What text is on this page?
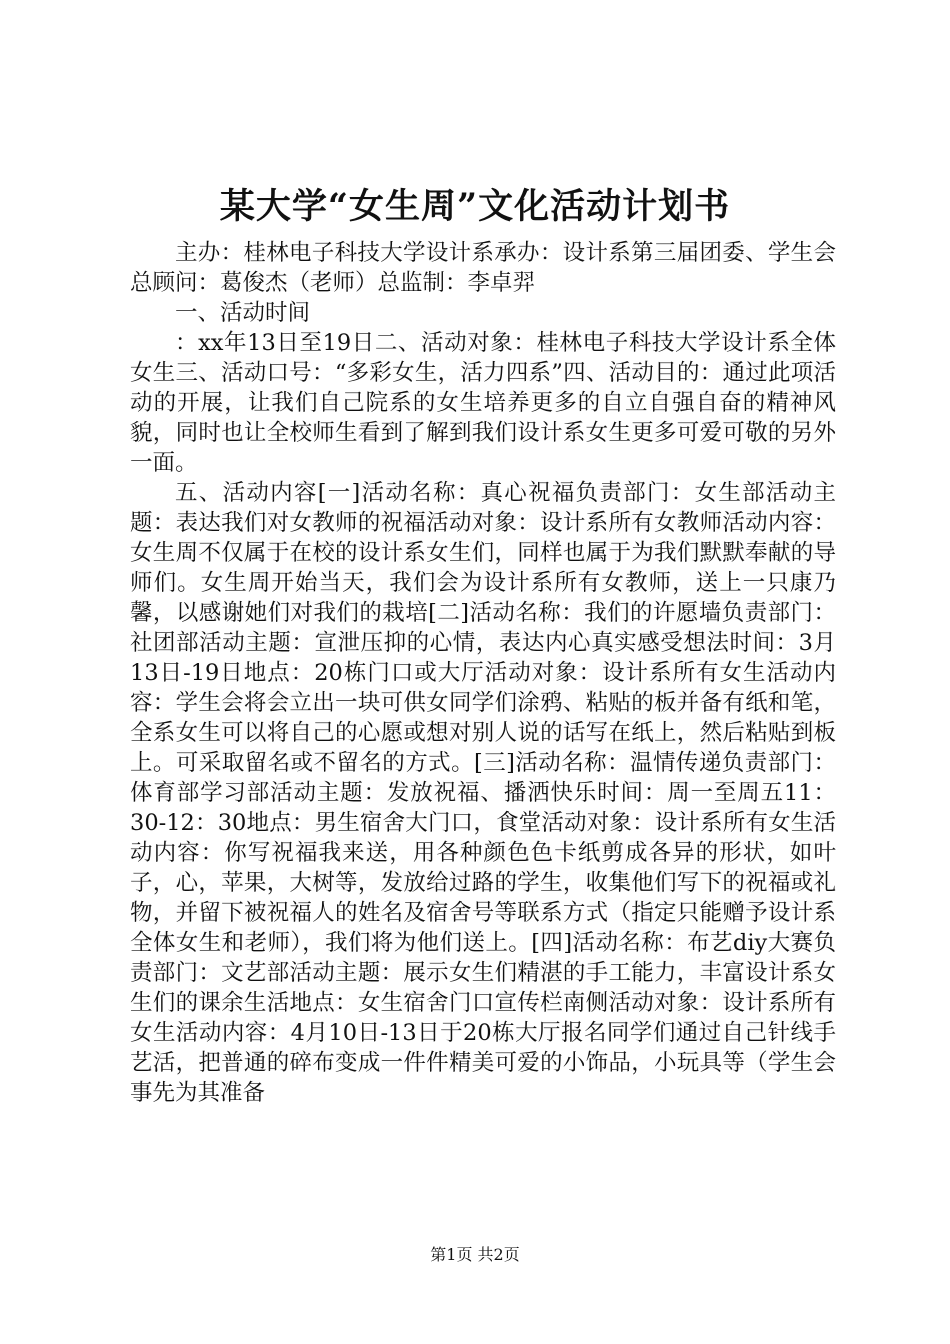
某大学“女生周”文化活动计划书

主办：桂林电子科技大学设计系承办：设计系第三届团委、学生会总顾问：葛俊杰（老师）总监制：李卓羿

一、活动时间

：xx年13日至19日二、活动对象：桂林电子科技大学设计系全体女生三、活动口号：“多彩女生，活力四系”四、活动目的：通过此项活动的开展，让我们自己院系的女生培养更多的自立自强自奋的精神风貌，同时也让全校师生看到了解到我们设计系女生更多可爱可敬的另外一面。

五、活动内容[一]活动名称：真心祝福负责部门：女生部活动主题：表达我们对女教师的祝福活动对象：设计系所有女教师活动内容：女生周不仅属于在校的设计系女生们，同样也属于为我们默默奉献的导师们。女生周开始当天，我们会为设计系所有女教师，送上一只康乃馨，以感谢她们对我们的栽培[二]活动名称：我们的许愿墙负责部门：社团部活动主题：宣泄压抑的心情，表达内心真实感受想法时间：3月13日-19日地点：20栋门口或大厅活动对象：设计系所有女生活动内容：学生会将会立出一块可供女同学们涂鸦、粘贴的板并备有纸和笔，全系女生可以将自己的心愿或想对别人说的话写在纸上，然后粘贴到板上。可采取留名或不留名的方式。[三]活动名称：温情传递负责部门：体育部学习部活动主题：发放祝福、播洒快乐时间：周一至周五11：30-12：30地点：男生宿舍大门口，食堂活动对象：设计系所有女生活动内容：你写祝福我来送，用各种颜色色卡纸剪成各异的形状，如叶子，心，苹果，大树等，发放给过路的学生，收集他们写下的祝福或礼物，并留下被祝福人的姓名及宿舍号等联系方式（指定只能赠予设计系全体女生和老师），我们将为他们送上。[四]活动名称：布艺diy大赛负责部门：文艺部活动主题：展示女生们精湛的手工能力，丰富设计系女生们的课余生活地点：女生宿舍门口宣传栏南侧活动对象：设计系所有女生活动内容：4月10日-13日于20栋大厅报名同学们通过自己针线手艺活，把普通的碎布变成一件件精美可爱的小饰品，小玩具等（学生会事先为其准备

第1页 共2页
